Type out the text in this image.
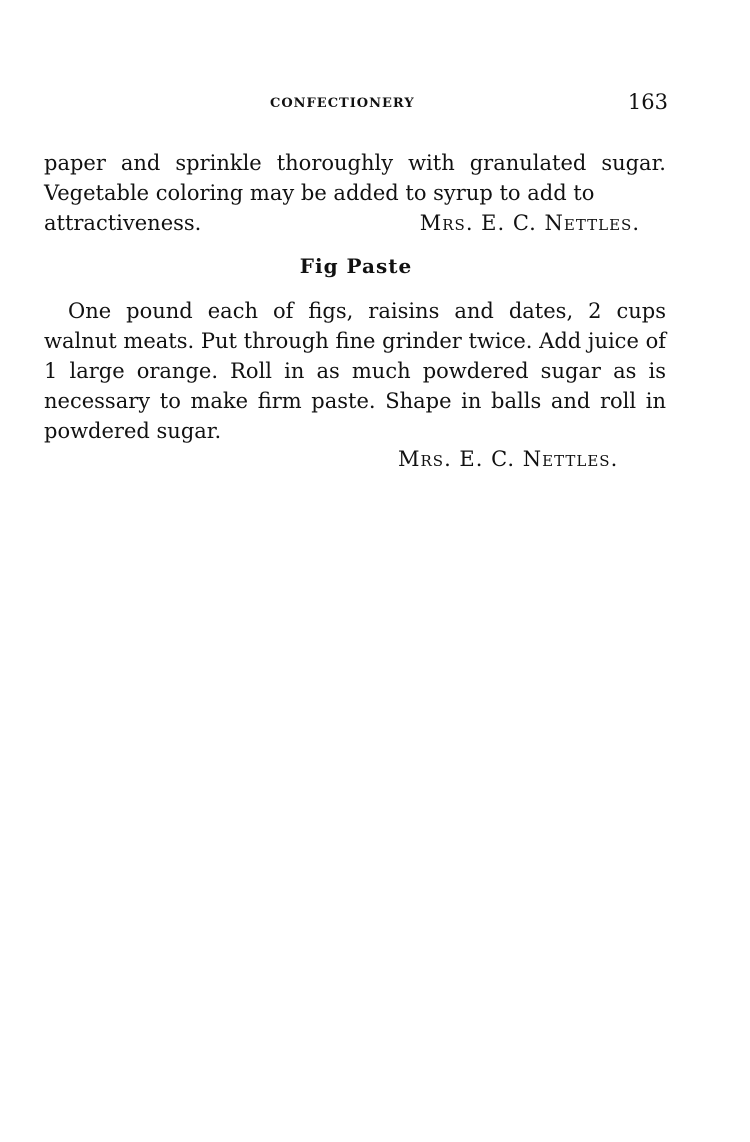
CONFECTIONERY	163
paper and sprinkle thoroughly with granulated sugar. Vegetable coloring may be added to syrup to add to
attractiveness.	Mrs. E. C. Nettles.
Fig Paste
One pound each of figs, raisins and dates, 2 cups walnut meats. Put through fine grinder twice. Add juice of 1 large orange. Roll in as much powdered sugar as is necessary to make firm paste. Shape in balls and roll in powdered sugar.
Mrs. E. C. Nettles.
